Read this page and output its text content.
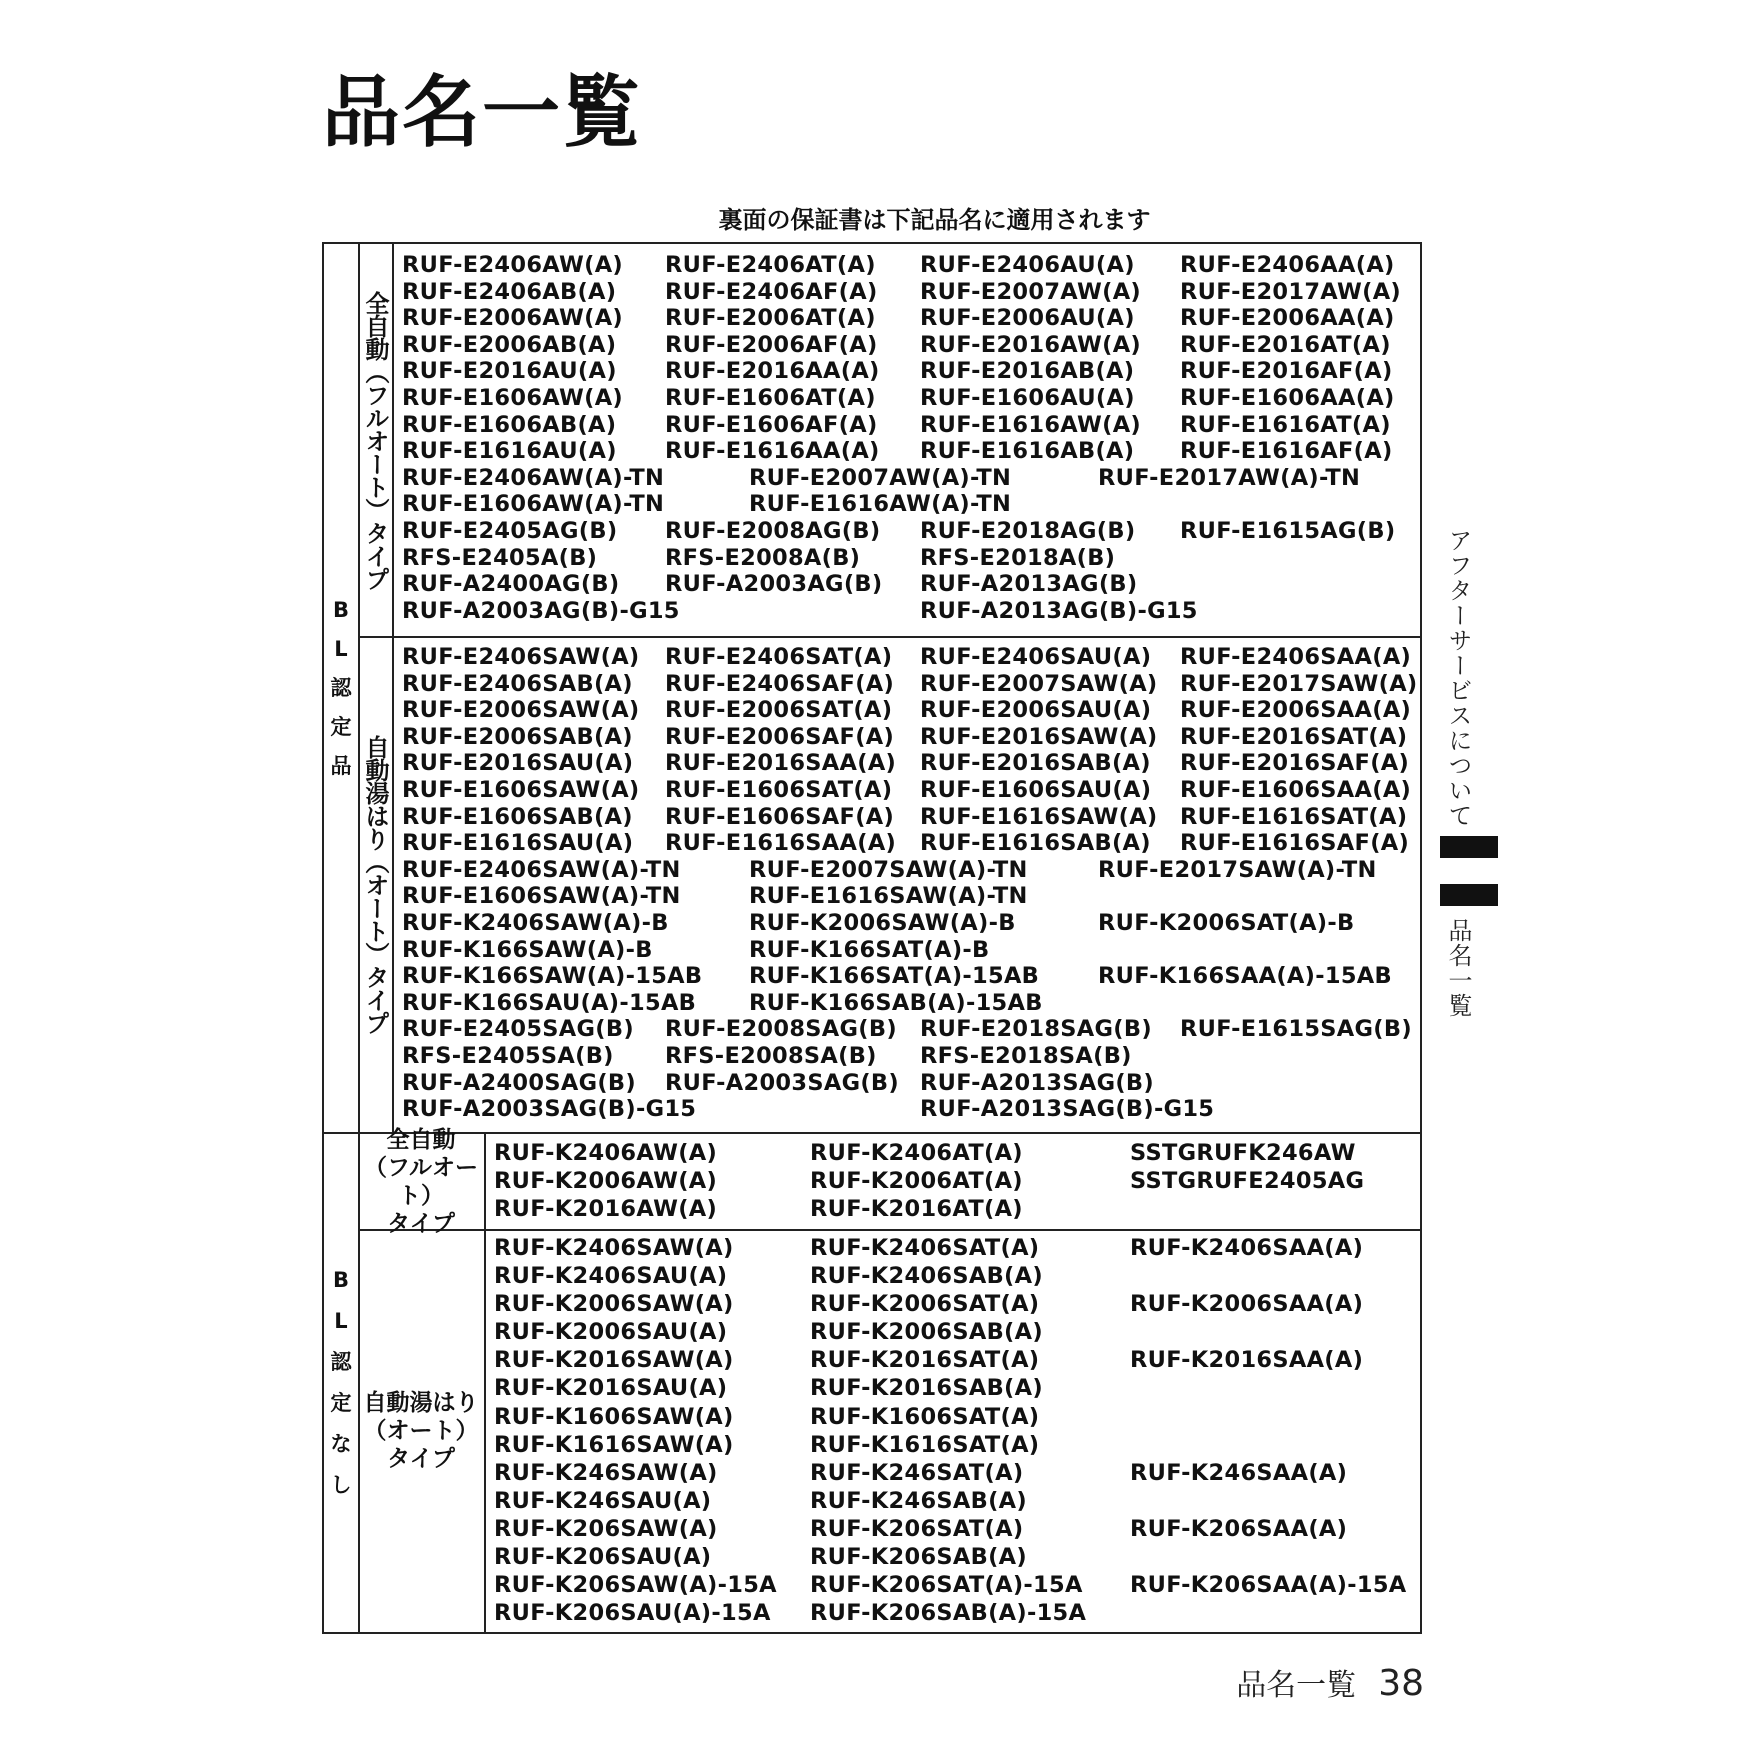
品名一覧

裏面の保証書は下記品名に適用されます

B
L
認
定
品
全自動（フルオート）タイプ
RUF-E2406AW(A) RUF-E2406AT(A) RUF-E2406AU(A) RUF-E2406AA(A)
RUF-E2406AB(A) RUF-E2406AF(A) RUF-E2007AW(A) RUF-E2017AW(A)
RUF-E2006AW(A) RUF-E2006AT(A) RUF-E2006AU(A) RUF-E2006AA(A)
RUF-E2006AB(A) RUF-E2006AF(A) RUF-E2016AW(A) RUF-E2016AT(A)
RUF-E2016AU(A) RUF-E2016AA(A) RUF-E2016AB(A) RUF-E2016AF(A)
RUF-E1606AW(A) RUF-E1606AT(A) RUF-E1606AU(A) RUF-E1606AA(A)
RUF-E1606AB(A) RUF-E1606AF(A) RUF-E1616AW(A) RUF-E1616AT(A)
RUF-E1616AU(A) RUF-E1616AA(A) RUF-E1616AB(A) RUF-E1616AF(A)
RUF-E2406AW(A)-TN	RUF-E2007AW(A)-TN	RUF-E2017AW(A)-TN
RUF-E1606AW(A)-TN	RUF-E1616AW(A)-TN
RUF-E2405AG(B) RUF-E2008AG(B) RUF-E2018AG(B) RUF-E1615AG(B)
RFS-E2405A(B)	RFS-E2008A(B)	RFS-E2018A(B)
RUF-A2400AG(B) RUF-A2003AG(B) RUF-A2013AG(B)
RUF-A2003AG(B)-G15	RUF-A2013AG(B)-G15
自動湯はり（オート）タイプ
RUF-E2406SAW(A) RUF-E2406SAT(A) RUF-E2406SAU(A) RUF-E2406SAA(A)
RUF-E2406SAB(A) RUF-E2406SAF(A) RUF-E2007SAW(A) RUF-E2017SAW(A)
RUF-E2006SAW(A) RUF-E2006SAT(A) RUF-E2006SAU(A) RUF-E2006SAA(A)
RUF-E2006SAB(A) RUF-E2006SAF(A) RUF-E2016SAW(A) RUF-E2016SAT(A)
RUF-E2016SAU(A) RUF-E2016SAA(A) RUF-E2016SAB(A) RUF-E2016SAF(A)
RUF-E1606SAW(A) RUF-E1606SAT(A) RUF-E1606SAU(A) RUF-E1606SAA(A)
RUF-E1606SAB(A) RUF-E1606SAF(A) RUF-E1616SAW(A) RUF-E1616SAT(A)
RUF-E1616SAU(A) RUF-E1616SAA(A) RUF-E1616SAB(A) RUF-E1616SAF(A)
RUF-E2406SAW(A)-TN	RUF-E2007SAW(A)-TN	RUF-E2017SAW(A)-TN
RUF-E1606SAW(A)-TN	RUF-E1616SAW(A)-TN
RUF-K2406SAW(A)-B	RUF-K2006SAW(A)-B	RUF-K2006SAT(A)-B
RUF-K166SAW(A)-B	RUF-K166SAT(A)-B
RUF-K166SAW(A)-15AB RUF-K166SAT(A)-15AB	RUF-K166SAA(A)-15AB
RUF-K166SAU(A)-15AB RUF-K166SAB(A)-15AB
RUF-E2405SAG(B) RUF-E2008SAG(B) RUF-E2018SAG(B) RUF-E1615SAG(B)
RFS-E2405SA(B) RFS-E2008SA(B) RFS-E2018SA(B)
RUF-A2400SAG(B) RUF-A2003SAG(B) RUF-A2013SAG(B)
RUF-A2003SAG(B)-G15	RUF-A2013SAG(B)-G15
B
L
認
定
な
し
全自動
（フルオート）
タイプ
RUF-K2406AW(A)	RUF-K2406AT(A)	SSTGRUFK246AW
RUF-K2006AW(A)	RUF-K2006AT(A)	SSTGRUFE2405AG
RUF-K2016AW(A)	RUF-K2016AT(A)
自動湯はり
（オート）
タイプ
RUF-K2406SAW(A)	RUF-K2406SAT(A)	RUF-K2406SAA(A)
RUF-K2406SAU(A)	RUF-K2406SAB(A)
RUF-K2006SAW(A)	RUF-K2006SAT(A)	RUF-K2006SAA(A)
RUF-K2006SAU(A)	RUF-K2006SAB(A)
RUF-K2016SAW(A)	RUF-K2016SAT(A)	RUF-K2016SAA(A)
RUF-K2016SAU(A)	RUF-K2016SAB(A)
RUF-K1606SAW(A)	RUF-K1606SAT(A)
RUF-K1616SAW(A)	RUF-K1616SAT(A)
RUF-K246SAW(A)	RUF-K246SAT(A)	RUF-K246SAA(A)
RUF-K246SAU(A)	RUF-K246SAB(A)
RUF-K206SAW(A)	RUF-K206SAT(A)	RUF-K206SAA(A)
RUF-K206SAU(A)	RUF-K206SAB(A)
RUF-K206SAW(A)-15A RUF-K206SAT(A)-15A RUF-K206SAA(A)-15A
RUF-K206SAU(A)-15A RUF-K206SAB(A)-15A

アフターサービスについて

品名一覧

品名一覧 38
